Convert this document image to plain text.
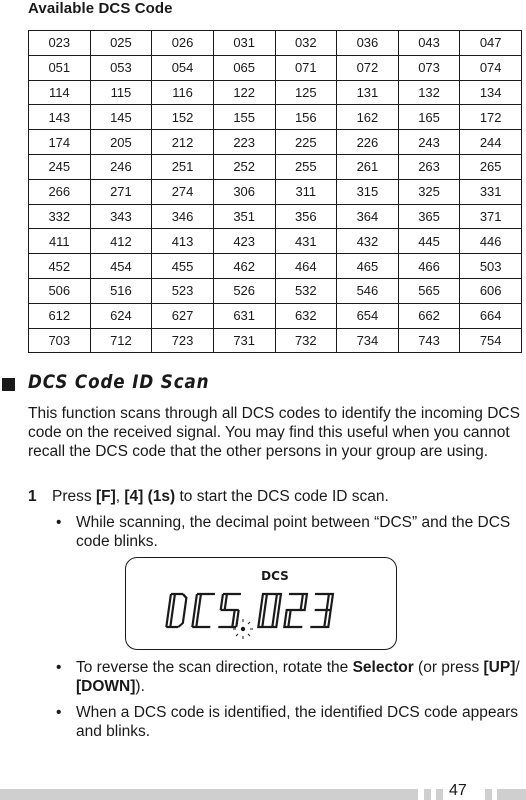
Available DCS Code
023	025	026	031	032	036	043	047
051	053	054	065	071	072	073	074
114	115	116	122	125	131	132	134
143	145	152	155	156	162	165	172
174	205	212	223	225	226	243	244
245	246	251	252	255	261	263	265
266	271	274	306	311	315	325	331
332	343	346	351	356	364	365	371
411	412	413	423	431	432	445	446
452	454	455	462	464	465	466	503
506	516	523	526	532	546	565	606
612	624	627	631	632	654	662	664
703	712	723	731	732	734	743	754
DCS Code ID Scan

This function scans through all DCS codes to identify the incoming DCS code on the received signal. You may find this useful when you cannot recall the DCS code that the other persons in your group are using.

1 Press [F], [4] (1s) to start the DCS code ID scan.
• While scanning, the decimal point between “DCS” and the DCS code blinks.
DCS
• To reverse the scan direction, rotate the Selector (or press [UP]/ [DOWN]).
• When a DCS code is identified, the identified DCS code appears and blinks.
47
